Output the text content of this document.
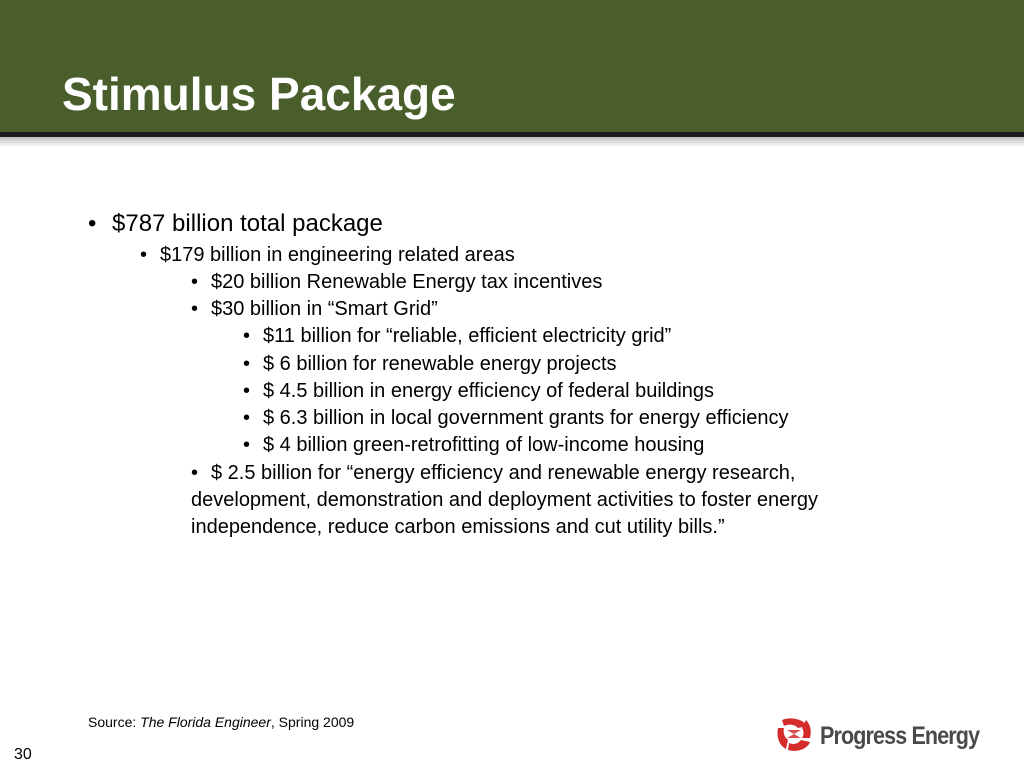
Stimulus Package
• $787 billion total package
• $179 billion in engineering related areas
• $20 billion Renewable Energy tax incentives
• $30 billion in “Smart Grid”
• $11 billion for “reliable, efficient electricity grid”
• $ 6 billion for renewable energy projects
• $ 4.5 billion in energy efficiency of federal buildings
• $ 6.3 billion in local government grants for energy efficiency
• $ 4 billion green-retrofitting of low-income housing
• $ 2.5 billion for “energy efficiency and renewable energy research,
development, demonstration and deployment activities to foster energy
independence, reduce carbon emissions and cut utility bills.”
Source: The Florida Engineer, Spring 2009
30
Progress Energy
